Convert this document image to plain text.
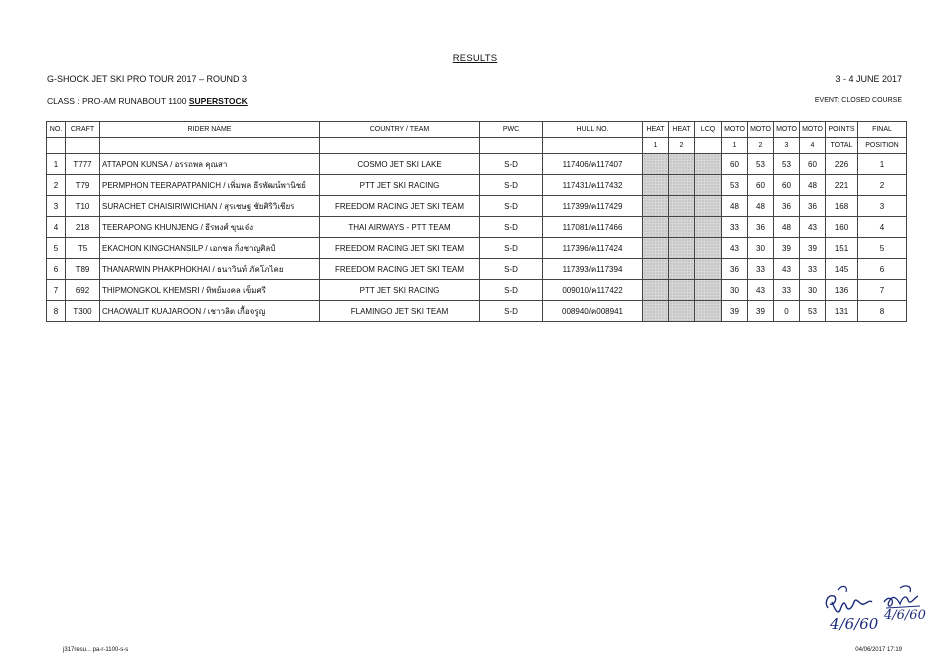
RESULTS
G-SHOCK JET SKI PRO TOUR 2017 – ROUND 3	3 - 4 JUNE 2017
CLASS : PRO-AM RUNABOUT 1100 SUPERSTOCK	EVENT: CLOSED COURSE
NO.	CRAFT	RIDER NAME	COUNTRY / TEAM	PWC	HULL NO.	HEAT	HEAT	LCQ	MOTO	MOTO	MOTO	MOTO	POINTS	FINAL
						1	2		1	2	3	4	TOTAL	POSITION
1	T777	ATTAPON KUNSA / อรรถพล คุณสา	COSMO JET SKI LAKE	S-D	117406/ค117407				60	53	53	60	226	1
2	T79	PERMPHON TEERAPATPANICH / เพิ่มพล ธีรพัฒน์พานิชย์	PTT JET SKI RACING	S-D	117431/ค117432				53	60	60	48	221	2
3	T10	SURACHET CHAISIRIWICHIAN / สุรเชษฐ ชัยศิริวิเชียร	FREEDOM RACING JET SKI TEAM	S-D	117399/ค117429				48	48	36	36	168	3
4	218	TEERAPONG KHUNJENG / ธีรพงศ์ ขุนเจ๋ง	THAI AIRWAYS - PTT TEAM	S-D	117081/ค117466				33	36	48	43	160	4
5	T5	EKACHON KINGCHANSILP / เอกชล กิ่งชาญศิลป์	FREEDOM RACING JET SKI TEAM	S-D	117396/ค117424				43	30	39	39	151	5
6	T89	THANARWIN PHAKPHOKHAI / ธนาวินท์ ภัคโภไคย	FREEDOM RACING JET SKI TEAM	S-D	117393/ค117394				36	33	43	33	145	6
7	692	THIPMONGKOL KHEMSRI / ทิพย์มงคล เข็มศรี	PTT JET SKI RACING	S-D	009010/ค117422				30	43	33	30	136	7
8	T300	CHAOWALIT KUAJAROON / เชาวลิต เกื้อจรูญ	FLAMINGO JET SKI TEAM	S-D	008940/ค008941				39	39	0	53	131	8
4/6/60 4/6/60
j317resu... pa-r-1100-s-s	04/06/2017 17:19
